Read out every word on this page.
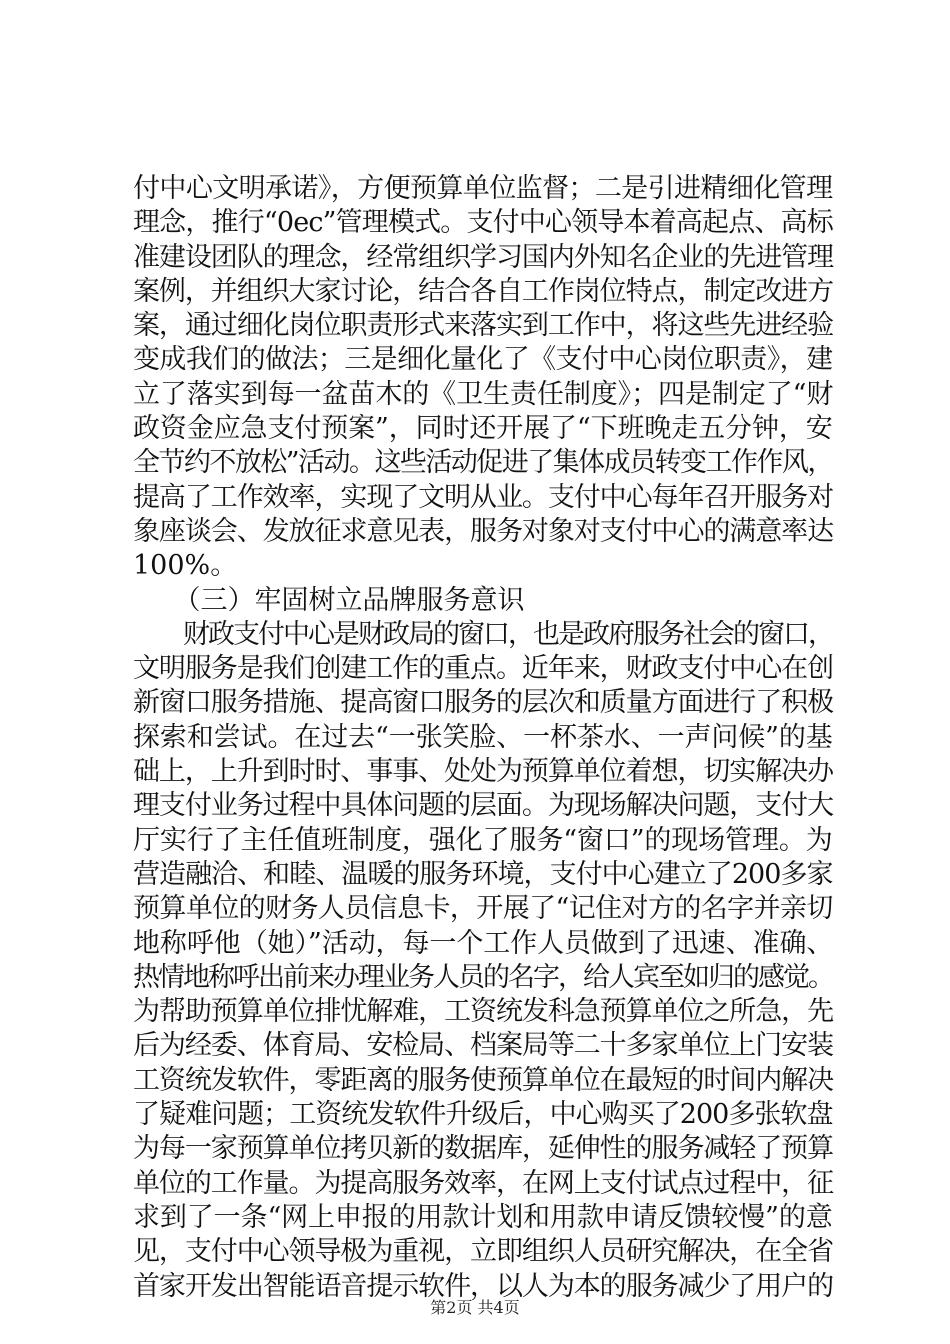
付中心文明承诺》，方便预算单位监督；二是引进精细化管理
理念，推行“0ec”管理模式。支付中心领导本着高起点、高标
准建设团队的理念，经常组织学习国内外知名企业的先进管理
案例，并组织大家讨论，结合各自工作岗位特点，制定改进方
案，通过细化岗位职责形式来落实到工作中，将这些先进经验
变成我们的做法；三是细化量化了《支付中心岗位职责》，建
立了落实到每一盆苗木的《卫生责任制度》；四是制定了“财
政资金应急支付预案”，同时还开展了“下班晚走五分钟，安
全节约不放松”活动。这些活动促进了集体成员转变工作作风，
提高了工作效率，实现了文明从业。支付中心每年召开服务对
象座谈会、发放征求意见表，服务对象对支付中心的满意率达
100%。
　　（三）牢固树立品牌服务意识
　　财政支付中心是财政局的窗口，也是政府服务社会的窗口，
文明服务是我们创建工作的重点。近年来，财政支付中心在创
新窗口服务措施、提高窗口服务的层次和质量方面进行了积极
探索和尝试。在过去“一张笑脸、一杯茶水、一声问候”的基
础上，上升到时时、事事、处处为预算单位着想，切实解决办
理支付业务过程中具体问题的层面。为现场解决问题，支付大
厅实行了主任值班制度，强化了服务“窗口”的现场管理。为
营造融洽、和睦、温暖的服务环境，支付中心建立了200多家
预算单位的财务人员信息卡，开展了“记住对方的名字并亲切
地称呼他（她）”活动，每一个工作人员做到了迅速、准确、
热情地称呼出前来办理业务人员的名字，给人宾至如归的感觉。
为帮助预算单位排忧解难，工资统发科急预算单位之所急，先
后为经委、体育局、安检局、档案局等二十多家单位上门安装
工资统发软件，零距离的服务使预算单位在最短的时间内解决
了疑难问题；工资统发软件升级后，中心购买了200多张软盘
为每一家预算单位拷贝新的数据库，延伸性的服务减轻了预算
单位的工作量。为提高服务效率，在网上支付试点过程中，征
求到了一条“网上申报的用款计划和用款申请反馈较慢”的意
见，支付中心领导极为重视，立即组织人员研究解决，在全省
首家开发出智能语音提示软件，以人为本的服务减少了用户的
第2页 共4页
